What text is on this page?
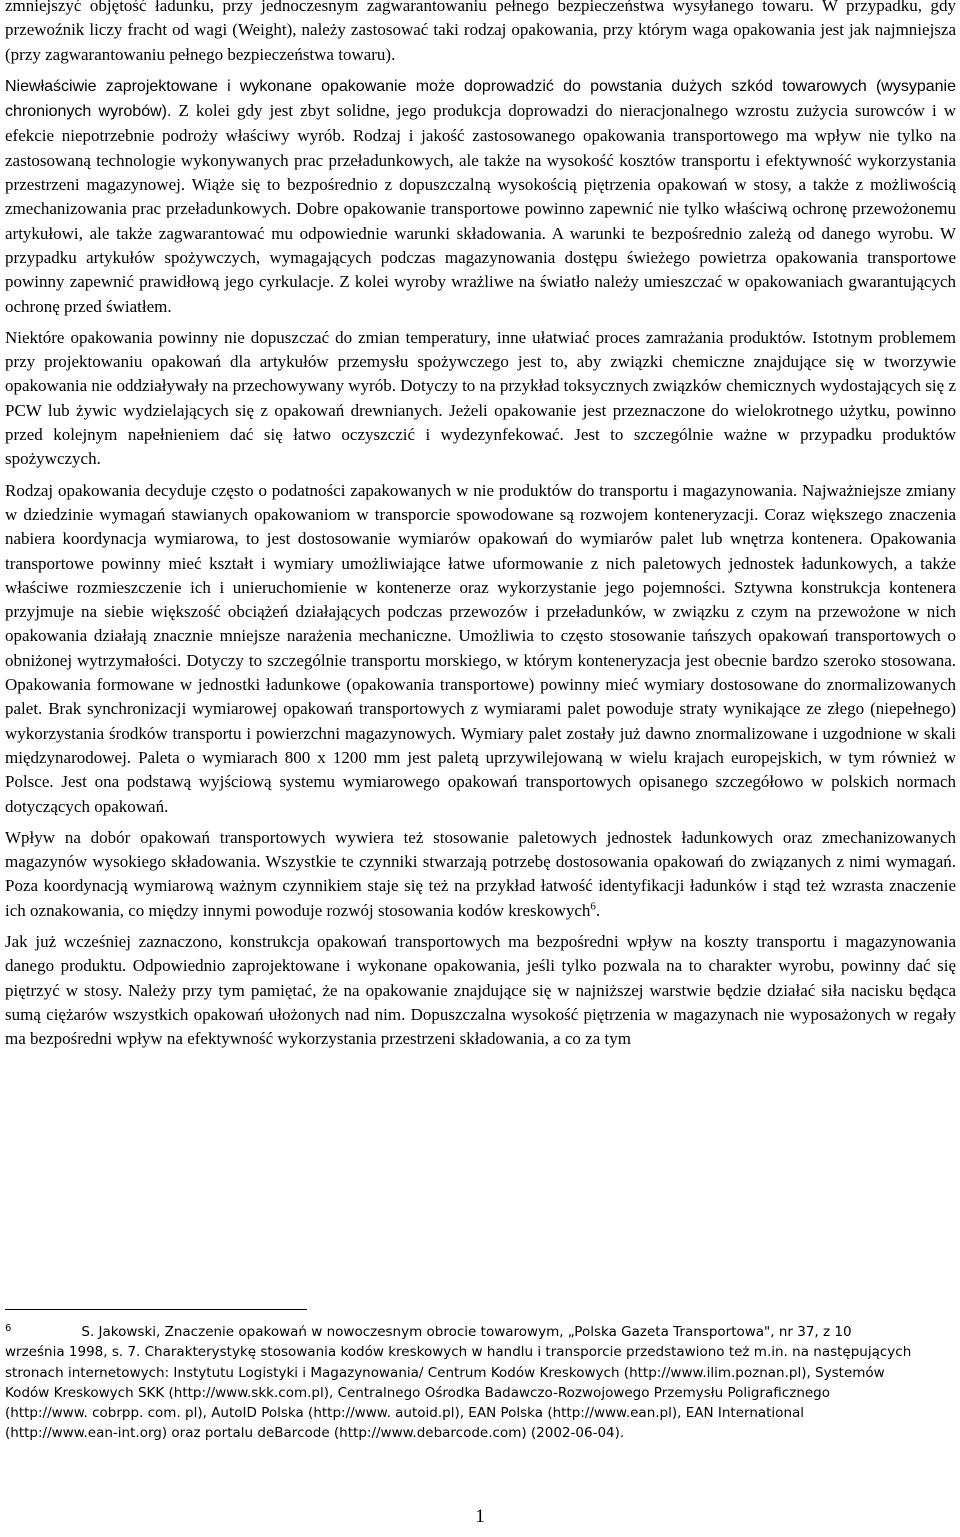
zmniejszyć objętość ładunku, przy jednoczesnym zagwarantowaniu pełnego bezpieczeństwa wysyłanego towaru. W przypadku, gdy przewoźnik liczy fracht od wagi (Weight), należy zastosować taki rodzaj opakowania, przy którym waga opakowania jest jak najmniejsza (przy zagwarantowaniu pełnego bezpieczeństwa towaru).

Niewłaściwie zaprojektowane i wykonane opakowanie może doprowadzić do powstania dużych szkód towarowych (wysypanie chronionych wyrobów). Z kolei gdy jest zbyt solidne, jego produkcja doprowadzi do nieracjonalnego wzrostu zużycia surowców i w efekcie niepotrzebnie podroży właściwy wyrób. Rodzaj i jakość zastosowanego opakowania transportowego ma wpływ nie tylko na zastosowaną technologie wykonywanych prac przeładunkowych, ale także na wysokość kosztów transportu i efektywność wykorzystania przestrzeni magazynowej. Wiąże się to bezpośrednio z dopuszczalną wysokością piętrzenia opakowań w stosy, a także z możliwością zmechanizowania prac przeładunkowych. Dobre opakowanie transportowe powinno zapewnić nie tylko właściwą ochronę przewożonemu artykułowi, ale także zagwarantować mu odpowiednie warunki składowania. A warunki te bezpośrednio zależą od danego wyrobu. W przypadku artykułów spożywczych, wymagających podczas magazynowania dostępu świeżego powietrza opakowania transportowe powinny zapewnić prawidłową jego cyrkulacje. Z kolei wyroby wrażliwe na światło należy umieszczać w opakowaniach gwarantujących ochronę przed światłem.

Niektóre opakowania powinny nie dopuszczać do zmian temperatury, inne ułatwiać proces zamrażania produktów. Istotnym problemem przy projektowaniu opakowań dla artykułów przemysłu spożywczego jest to, aby związki chemiczne znajdujące się w tworzywie opakowania nie oddziaływały na przechowywany wyrób. Dotyczy to na przykład toksycznych związków chemicznych wydostających się z PCW lub żywic wydzielających się z opakowań drewnianych. Jeżeli opakowanie jest przeznaczone do wielokrotnego użytku, powinno przed kolejnym napełnieniem dać się łatwo oczyszczić i wydezynfekować. Jest to szczególnie ważne w przypadku produktów spożywczych.

Rodzaj opakowania decyduje często o podatności zapakowanych w nie produktów do transportu i magazynowania. Najważniejsze zmiany w dziedzinie wymagań stawianych opakowaniom w transporcie spowodowane są rozwojem konteneryzacji. Coraz większego znaczenia nabiera koordynacja wymiarowa, to jest dostosowanie wymiarów opakowań do wymiarów palet lub wnętrza kontenera. Opakowania transportowe powinny mieć kształt i wymiary umożliwiające łatwe uformowanie z nich paletowych jednostek ładunkowych, a także właściwe rozmieszczenie ich i unieruchomienie w kontenerze oraz wykorzystanie jego pojemności. Sztywna konstrukcja kontenera przyjmuje na siebie większość obciążeń działających podczas przewozów i przeładunków, w związku z czym na przewożone w nich opakowania działają znacznie mniejsze narażenia mechaniczne. Umożliwia to często stosowanie tańszych opakowań transportowych o obniżonej wytrzymałości. Dotyczy to szczególnie transportu morskiego, w którym konteneryzacja jest obecnie bardzo szeroko stosowana. Opakowania formowane w jednostki ładunkowe (opakowania transportowe) powinny mieć wymiary dostosowane do znormalizowanych palet. Brak synchronizacji wymiarowej opakowań transportowych z wymiarami palet powoduje straty wynikające ze złego (niepełnego) wykorzystania środków transportu i powierzchni magazynowych. Wymiary palet zostały już dawno znormalizowane i uzgodnione w skali międzynarodowej. Paleta o wymiarach 800 x 1200 mm jest paletą uprzywilejowaną w wielu krajach europejskich, w tym również w Polsce. Jest ona podstawą wyjściową systemu wymiarowego opakowań transportowych opisanego szczegółowo w polskich normach dotyczących opakowań.

Wpływ na dobór opakowań transportowych wywiera też stosowanie paletowych jednostek ładunkowych oraz zmechanizowanych magazynów wysokiego składowania. Wszystkie te czynniki stwarzają potrzebę dostosowania opakowań do związanych z nimi wymagań. Poza koordynacją wymiarową ważnym czynnikiem staje się też na przykład łatwość identyfikacji ładunków i stąd też wzrasta znaczenie ich oznakowania, co między innymi powoduje rozwój stosowania kodów kreskowych$^6$.

Jak już wcześniej zaznaczono, konstrukcja opakowań transportowych ma bezpośredni wpływ na koszty transportu i magazynowania danego produktu. Odpowiednio zaprojektowane i wykonane opakowania, jeśli tylko pozwala na to charakter wyrobu, powinny dać się piętrzyć w stosy. Należy przy tym pamiętać, że na opakowanie znajdujące się w najniższej warstwie będzie działać siła nacisku będąca sumą ciężarów wszystkich opakowań ułożonych nad nim. Dopuszczalna wysokość piętrzenia w magazynach nie wyposażonych w regały ma bezpośredni wpływ na efektywność wykorzystania przestrzeni składowania, a co za tym

$^6$	S. Jakowski, Znaczenie opakowań w nowoczesnym obrocie towarowym, „Polska Gazeta Transportowa", nr 37, z 10 września 1998, s. 7. Charakterystykę stosowania kodów kreskowych w handlu i transporcie przedstawiono też m.in. na następujących stronach internetowych: Instytutu Logistyki i Magazynowania/ Centrum Kodów Kreskowych (http://www.ilim.poznan.pl), Systemów Kodów Kreskowych SKK (http://www.skk.com.pl), Centralnego Ośrodka Badawczo-Rozwojowego Przemysłu Poligraficznego (http://www. cobrpp. com. pl), AutoID Polska (http://www. autoid.pl), EAN Polska (http://www.ean.pl), EAN International (http://www.ean-int.org) oraz portalu deBarcode (http://www.debarcode.com) (2002-06-04).
1
